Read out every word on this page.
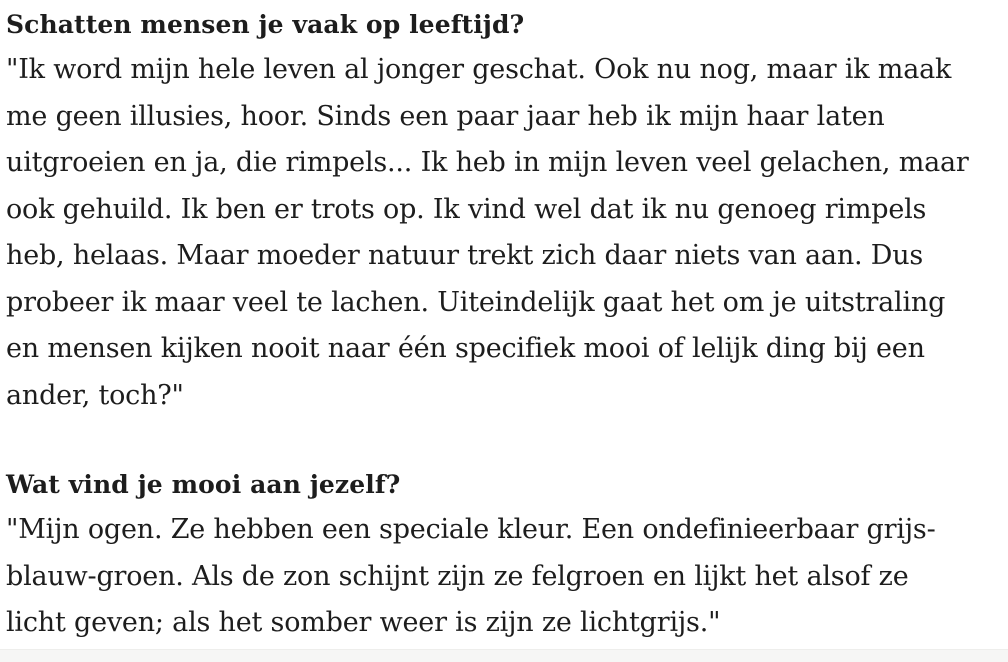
Schatten mensen je vaak op leeftijd?
"Ik word mijn hele leven al jonger geschat. Ook nu nog, maar ik maak
me geen illusies, hoor. Sinds een paar jaar heb ik mijn haar laten
uitgroeien en ja, die rimpels... Ik heb in mijn leven veel gelachen, maar
ook gehuild. Ik ben er trots op. Ik vind wel dat ik nu genoeg rimpels
heb, helaas. Maar moeder natuur trekt zich daar niets van aan. Dus
probeer ik maar veel te lachen. Uiteindelijk gaat het om je uitstraling
en mensen kijken nooit naar één specifiek mooi of lelijk ding bij een
ander, toch?"
Wat vind je mooi aan jezelf?
"Mijn ogen. Ze hebben een speciale kleur. Een ondefinieerbaar grijs-
blauw-groen. Als de zon schijnt zijn ze felgroen en lijkt het alsof ze
licht geven; als het somber weer is zijn ze lichtgrijs."
